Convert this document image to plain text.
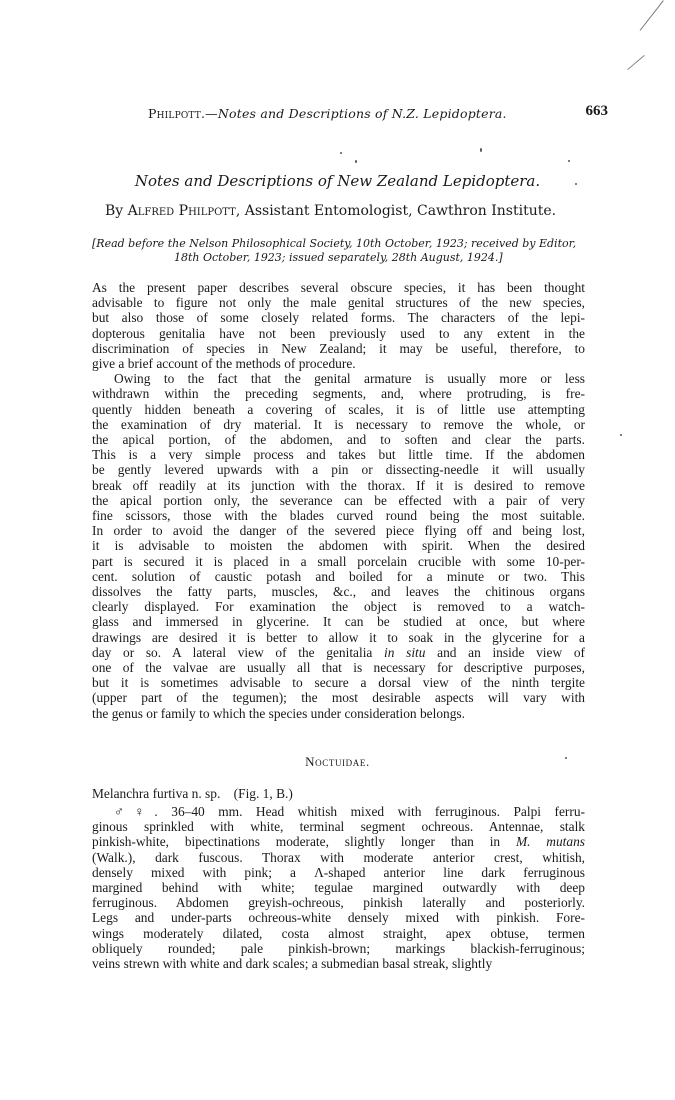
Philpott.—Notes and Descriptions of N.Z. Lepidoptera.	663
Notes and Descriptions of New Zealand Lepidoptera.
By Alfred Philpott, Assistant Entomologist, Cawthron Institute.
[Read before the Nelson Philosophical Society, 10th October, 1923; received by Editor,
18th October, 1923; issued separately, 28th August, 1924.]
As the present paper describes several obscure species, it has been thought
advisable to figure not only the male genital structures of the new species,
but also those of some closely related forms. The characters of the lepi-
dopterous genitalia have not been previously used to any extent in the
discrimination of species in New Zealand; it may be useful, therefore, to
give a brief account of the methods of procedure.
Owing to the fact that the genital armature is usually more or less
withdrawn within the preceding segments, and, where protruding, is fre-
quently hidden beneath a covering of scales, it is of little use attempting
the examination of dry material. It is necessary to remove the whole, or
the apical portion, of the abdomen, and to soften and clear the parts.
This is a very simple process and takes but little time. If the abdomen
be gently levered upwards with a pin or dissecting-needle it will usually
break off readily at its junction with the thorax. If it is desired to remove
the apical portion only, the severance can be effected with a pair of very
fine scissors, those with the blades curved round being the most suitable.
In order to avoid the danger of the severed piece flying off and being lost,
it is advisable to moisten the abdomen with spirit. When the desired
part is secured it is placed in a small porcelain crucible with some 10-per-
cent. solution of caustic potash and boiled for a minute or two. This
dissolves the fatty parts, muscles, &c., and leaves the chitinous organs
clearly displayed. For examination the object is removed to a watch-
glass and immersed in glycerine. It can be studied at once, but where
drawings are desired it is better to allow it to soak in the glycerine for a
day or so. A lateral view of the genitalia in situ and an inside view of
one of the valvae are usually all that is necessary for descriptive purposes,
but it is sometimes advisable to secure a dorsal view of the ninth tergite
(upper part of the tegumen); the most desirable aspects will vary with
the genus or family to which the species under consideration belongs.
Noctuidae.
Melanchra furtiva n. sp. (Fig. 1, B.)
♂♀. 36–40 mm. Head whitish mixed with ferruginous. Palpi ferru-
ginous sprinkled with white, terminal segment ochreous. Antennae, stalk
pinkish-white, bipectinations moderate, slightly longer than in M. mutans
(Walk.), dark fuscous. Thorax with moderate anterior crest, whitish,
densely mixed with pink; a Λ-shaped anterior line dark ferruginous
margined behind with white; tegulae margined outwardly with deep
ferruginous. Abdomen greyish-ochreous, pinkish laterally and posteriorly.
Legs and under-parts ochreous-white densely mixed with pinkish. Fore-
wings moderately dilated, costa almost straight, apex obtuse, termen
obliquely rounded; pale pinkish-brown; markings blackish-ferruginous;
veins strewn with white and dark scales; a submedian basal streak, slightly
